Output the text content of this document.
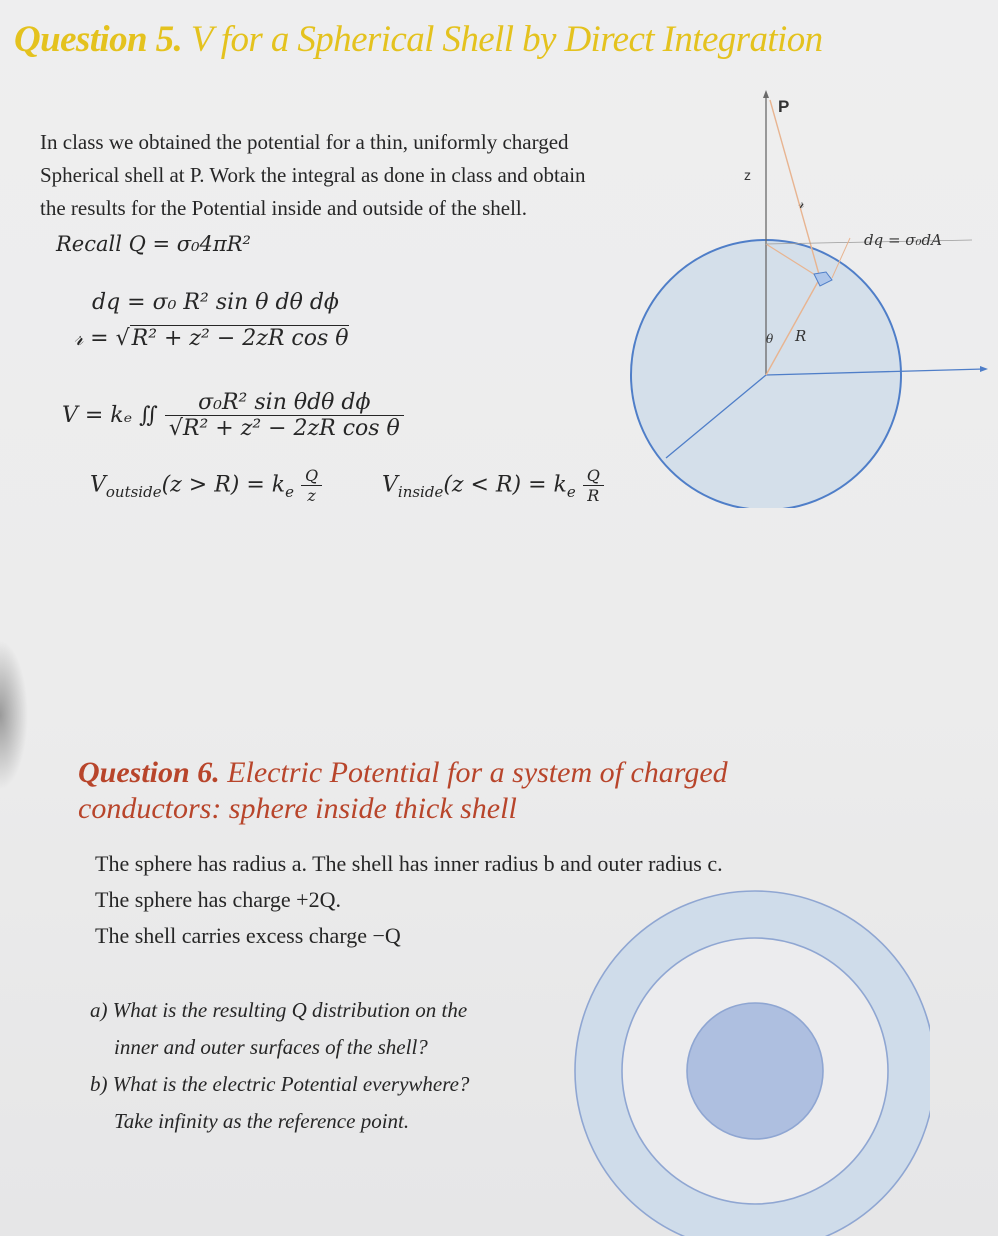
Question 5. V for a Spherical Shell by Direct Integration
In class we obtained the potential for a thin, uniformly charged
Spherical shell at P. Work the integral as done in class and obtain
the results for the Potential inside and outside of the shell.
Recall Q = σ₀4πR²
dq = σ₀ R² sin θ dθ dϕ
𝓇 = √R² + z² − 2zR cos θ
V = kₑ ∬ $\frac{\text{σ₀R² sin θdθ dϕ}}{\text{√R² + z² − 2zR cos θ}}$
$V_{outside}(z > R) = k_e \frac{Q}{z}$	$V_{inside}(z < R) = k_e \frac{Q}{R}$
P
z
𝓇
dq = σ₀dA
θ R
Question 6. Electric Potential for a system of charged
conductors: sphere inside thick shell
The sphere has radius a. The shell has inner radius b and outer radius c.
The sphere has charge +2Q.
The shell carries excess charge −Q
a) What is the resulting Q distribution on the
inner and outer surfaces of the shell?
b) What is the electric Potential everywhere?
Take infinity as the reference point.
